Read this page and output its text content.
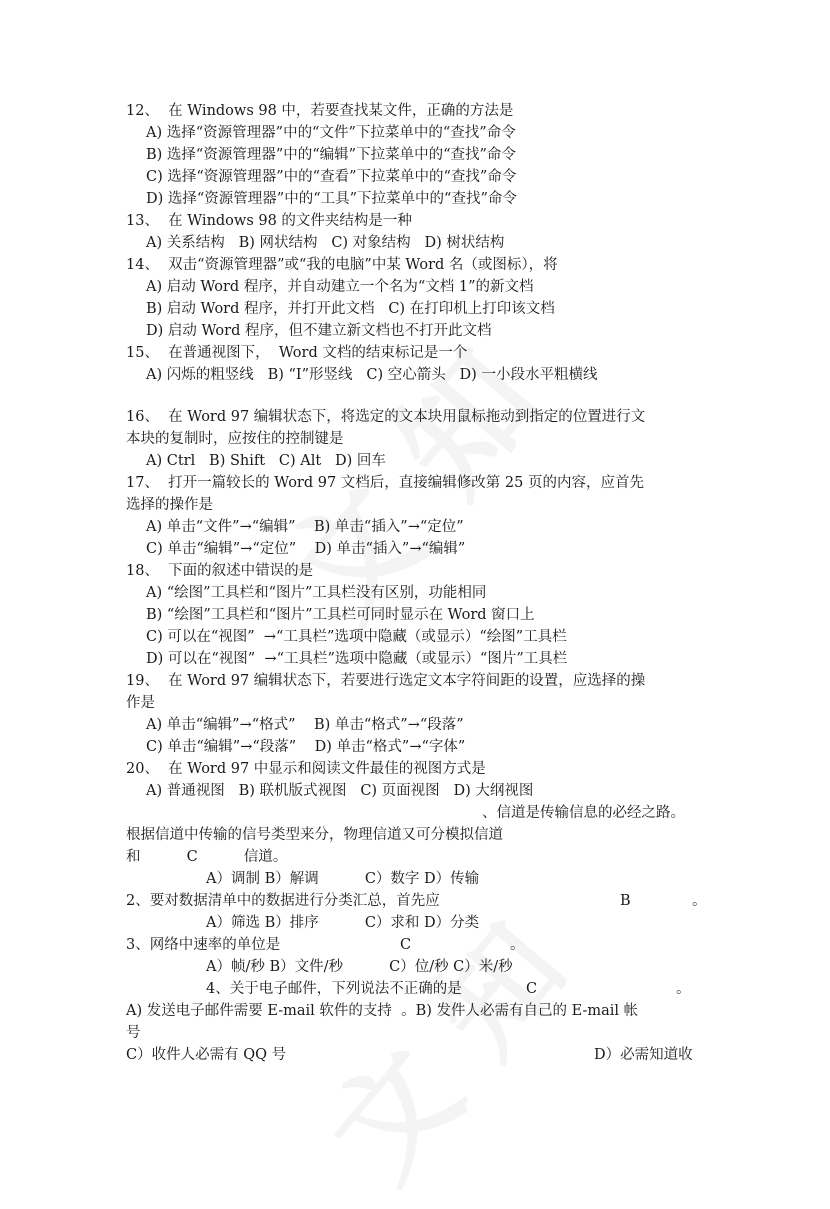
12、  在 Windows 98 中，若要查找某文件，正确的方法是
A) 选择“资源管理器”中的“文件”下拉菜单中的“查找”命令
B) 选择“资源管理器”中的“编辑”下拉菜单中的“查找”命令
C) 选择“资源管理器”中的“查看”下拉菜单中的“查找”命令
D) 选择“资源管理器”中的“工具”下拉菜单中的“查找”命令
13、  在 Windows 98 的文件夹结构是一种
A) 关系结构   B) 网状结构   C) 对象结构   D) 树状结构
14、  双击“资源管理器”或“我的电脑”中某 Word 名（或图标），将
A) 启动 Word 程序，并自动建立一个名为“文档 1”的新文档
B) 启动 Word 程序，并打开此文档   C) 在打印机上打印该文档
D) 启动 Word 程序，但不建立新文档也不打开此文档
15、  在普通视图下，  Word 文档的结束标记是一个
A) 闪烁的粗竖线   B) “I”形竖线   C) 空心箭头   D) 一小段水平粗横线
16、  在 Word 97 编辑状态下，将选定的文本块用鼠标拖动到指定的位置进行文
本块的复制时，应按住的控制键是
A) Ctrl   B) Shift   C) Alt   D) 回车
17、  打开一篇较长的 Word 97 文档后，直接编辑修改第 25 页的内容，应首先
选择的操作是
A) 单击“文件”→“编辑”    B) 单击“插入”→“定位”
C) 单击“编辑”→“定位”    D) 单击“插入”→“编辑”
18、  下面的叙述中错误的是
A) “绘图”工具栏和“图片”工具栏没有区别，功能相同
B) “绘图”工具栏和“图片”工具栏可同时显示在 Word 窗口上
C) 可以在“视图”  →“工具栏”选项中隐藏（或显示）“绘图”工具栏
D) 可以在“视图”  →“工具栏”选项中隐藏（或显示）“图片”工具栏
19、  在 Word 97 编辑状态下，若要进行选定文本字符间距的设置，应选择的操
作是
A) 单击“编辑”→“格式”    B) 单击“格式”→“段落”
C) 单击“编辑”→“段落”    D) 单击“格式”→“字体”
20、  在 Word 97 中显示和阅读文件最佳的视图方式是
A) 普通视图   B) 联机版式视图   C) 页面视图   D) 大纲视图
、信道是传输信息的必经之路。
根据信道中传输的信号类型来分，物理信道又可分模拟信道
和          C          信道。
A）调制 B）解调          C）数字 D）传输
2、要对数据清单中的数据进行分类汇总，首先应	B	。
A）筛选 B）排序          C）求和 D）分类
3、网络中速率的单位是	C	。
A）帧/秒 B）文件/秒          C）位/秒 C）米/秒
4、关于电子邮件，下列说法不正确的是	C	。
A) 发送电子邮件需要 E-mail 软件的支持  。B) 发件人必需有自己的 E-mail 帐
号
C）收件人必需有 QQ 号	D）必需知道收
